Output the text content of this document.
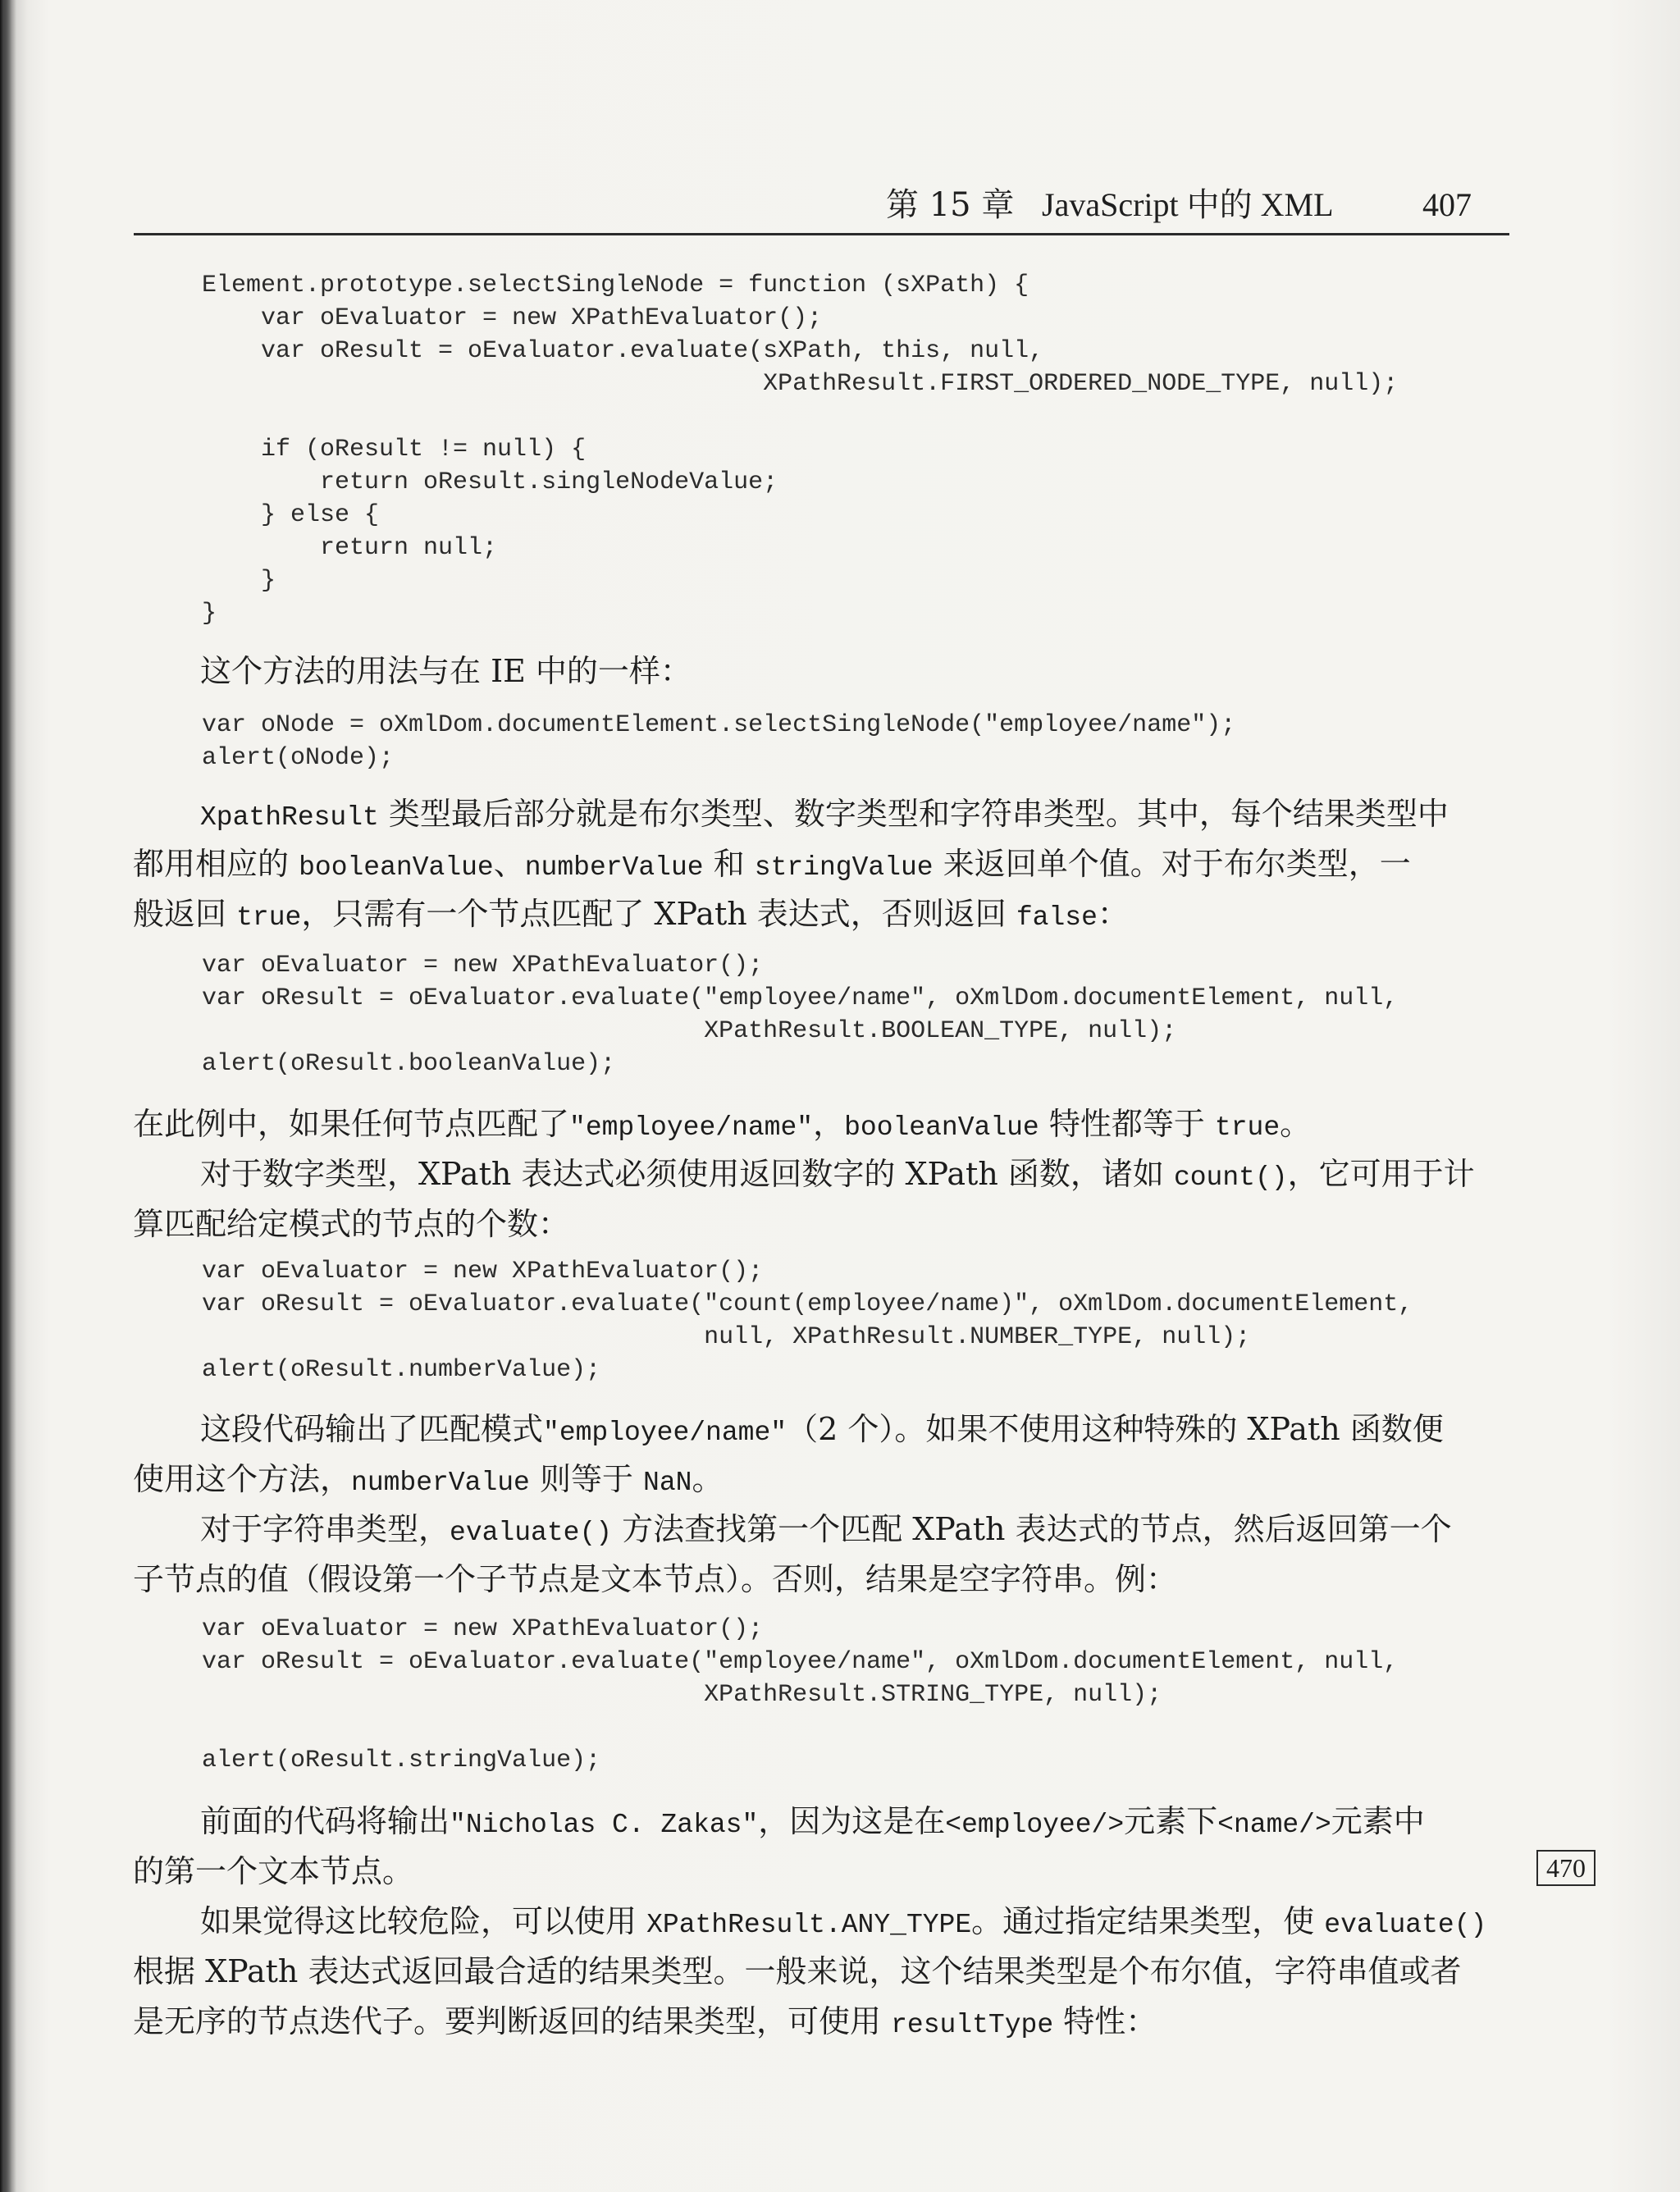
第 15 章 JavaScript 中的 XML	407
Element.prototype.selectSingleNode = function (sXPath) {
var oEvaluator = new XPathEvaluator();
var oResult = oEvaluator.evaluate(sXPath, this, null,
XPathResult.FIRST_ORDERED_NODE_TYPE, null);

if (oResult != null) {
return oResult.singleNodeValue;
} else {
return null;
}
}

这个方法的用法与在 IE 中的一样：
var oNode = oXmlDom.documentElement.selectSingleNode("employee/name");
alert(oNode);

XpathResult 类型最后部分就是布尔类型、数字类型和字符串类型。其中，每个结果类型中
都用相应的 booleanValue、numberValue 和 stringValue 来返回单个值。对于布尔类型，一
般返回 true，只需有一个节点匹配了 XPath 表达式，否则返回 false：
var oEvaluator = new XPathEvaluator();
var oResult = oEvaluator.evaluate("employee/name", oXmlDom.documentElement, null,
XPathResult.BOOLEAN_TYPE, null);
alert(oResult.booleanValue);

在此例中，如果任何节点匹配了"employee/name"，booleanValue 特性都等于 true。
对于数字类型，XPath 表达式必须使用返回数字的 XPath 函数，诸如 count()，它可用于计
算匹配给定模式的节点的个数：
var oEvaluator = new XPathEvaluator();
var oResult = oEvaluator.evaluate("count(employee/name)", oXmlDom.documentElement,
null, XPathResult.NUMBER_TYPE, null);
alert(oResult.numberValue);

这段代码输出了匹配模式"employee/name"（2 个）。如果不使用这种特殊的 XPath 函数便
使用这个方法，numberValue 则等于 NaN。
对于字符串类型，evaluate() 方法查找第一个匹配 XPath 表达式的节点，然后返回第一个
子节点的值（假设第一个子节点是文本节点）。否则，结果是空字符串。例：
var oEvaluator = new XPathEvaluator();
var oResult = oEvaluator.evaluate("employee/name", oXmlDom.documentElement, null,
XPathResult.STRING_TYPE, null);

alert(oResult.stringValue);

前面的代码将输出"Nicholas C. Zakas"，因为这是在<employee/>元素下<name/>元素中
的第一个文本节点。
如果觉得这比较危险，可以使用 XPathResult.ANY_TYPE。通过指定结果类型，使 evaluate()
根据 XPath 表达式返回最合适的结果类型。一般来说，这个结果类型是个布尔值，字符串值或者
是无序的节点迭代子。要判断返回的结果类型，可使用 resultType 特性：
470
